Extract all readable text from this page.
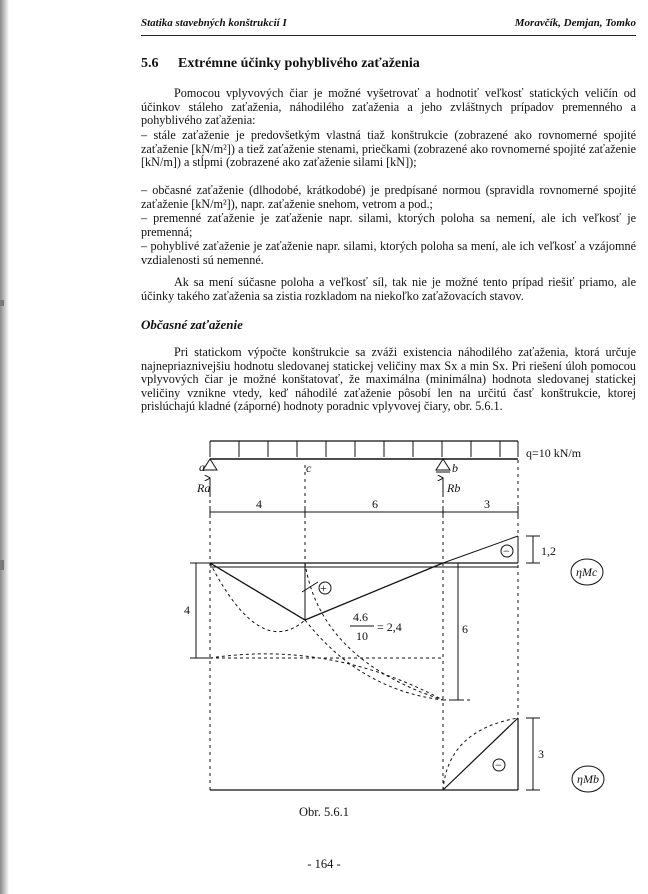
Statika stavebných konštrukcií I	Moravčík, Demjan, Tomko
5.6 Extrémne účinky pohyblivého zaťaženia

Pomocou vplyvových čiar je možné vyšetrovať a hodnotiť veľkosť statických veličín od účinkov stáleho zaťaženia, náhodilého zaťaženia a jeho zvláštnych prípadov premenného a pohyblivého zaťaženia:

– stále zaťaženie je predovšetkým vlastná tiaž konštrukcie (zobrazené ako rovnomerné spojité zaťaženie [kN/m²]) a tiež zaťaženie stenami, priečkami (zobrazené ako rovnomerné spojité zaťaženie [kN/m]) a stĺpmi (zobrazené ako zaťaženie silami [kN]);

– občasné zaťaženie (dlhodobé, krátkodobé) je predpísané normou (spravidla rovnomerné spojité zaťaženie [kN/m²]), napr. zaťaženie snehom, vetrom a pod.;

– premenné zaťaženie je zaťaženie napr. silami, ktorých poloha sa nemení, ale ich veľkosť je premenná;

– pohyblivé zaťaženie je zaťaženie napr. silami, ktorých poloha sa mení, ale ich veľkosť a vzájomné vzdialenosti sú nemenné.

Ak sa mení súčasne poloha a veľkosť síl, tak nie je možné tento prípad riešiť priamo, ale účinky takého zaťaženia sa zistia rozkladom na niekoľko zaťažovacích stavov.

Občasné zaťaženie

Pri statickom výpočte konštrukcie sa zváži existencia náhodilého zaťaženia, ktorá určuje najnepriaznivejšiu hodnotu sledovanej statickej veličiny max Sx a min Sx. Pri riešení úloh pomocou vplyvových čiar je možné konštatovať, že maximálna (minimálna) hodnota sledovanej statickej veličiny vznikne vtedy, keď náhodilé zaťaženie pôsobí len na určitú časť konštrukcie, ktorej prislúchajú kladné (záporné) hodnoty poradnic vplyvovej čiary, obr. 5.6.1.

q=10 kN/m
a	b
c
Ra	Rb
4	6	3
1,2
4
6
3
4.6
10
= 2,4
+
−
−
ηMc
ηMb
Obr. 5.6.1
- 164 -
